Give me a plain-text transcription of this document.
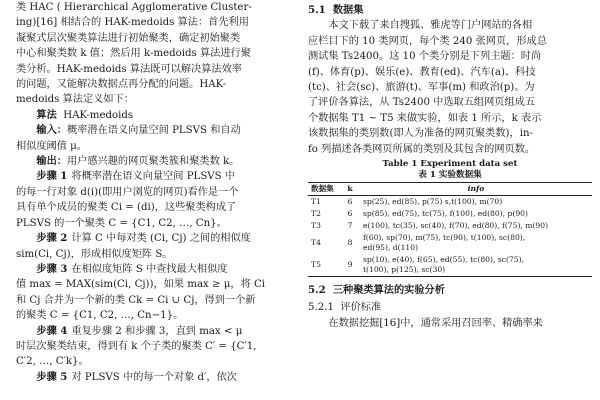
类 HAC ( Hierarchical Agglomerative Cluster-
ing)[16] 相结合的 HAK-medoids 算法：首先利用
凝聚式层次聚类算法进行初始聚类，确定初始聚类
中心和聚类数 k 值；然后用 k-medoids 算法进行聚
类分析。HAK-medoids 算法既可以解决算法效率
的问题，又能解决数据点再分配的问题。HAK-
medoids 算法定义如下：

算法 HAK-medoids

输入：概率潜在语义向量空间 PLSVS 和自动
相似度阈值 μ。

输出：用户感兴趣的网页聚类簇和聚类数 k。

步骤 1 将概率潜在语义向量空间 PLSVS 中

的每一行对象 d(i)(即用户浏览的网页)看作是一个
具有单个成员的聚类 Ci = (di)，这些聚类构成了
PLSVS 的一个聚类 C = {C1, C2, …, Cn}。

步骤 2 计算 C 中每对类 (Ci, Cj) 之间的相似度

sim(Ci, Cj)，形成相似度矩阵 S。

步骤 3 在相似度矩阵 S 中查找最大相似度

值 max = MAX(sim(Ci, Cj))，如果 max ≥ μ，将 Ci
和 Cj 合并为一个新的类 Ck = Ci ∪ Cj，得到一个新
的聚类 C = {C1, C2, …, Cn−1}。

步骤 4 重复步骤 2 和步骤 3，直到 max < μ

时层次聚类结束，得到有 k 个子类的聚类 C′ = {C′1,
C′2, …, C′k}。

步骤 5 对 PLSVS 中的每一个对象 d′，依次

5.1 数据集

本文下载了来自搜狐、雅虎等门户网站的各相
应栏目下的 10 类网页，每个类 240 张网页，形成总
测试集 Ts2400。这 10 个类分别是下列主题：时尚
(f)、体育(p)、娱乐(e)、教育(ed)、汽车(a)、科技
(tc)、社会(sc)、旅游(t)、军事(m) 和政治(p)。为
了评价各算法，从 Ts2400 中选取五组网页组成五
个数据集 T1 ~ T5 来做实验，如表 1 所示，k 表示
该数据集的类别数(即人为准备的网页聚类数)，in-
fo 列描述各类网页所属的类别及其包含的网页数。

Table 1 Experiment data set
表 1 实验数据集
数据集	k	info
T1	6	sp(25), ed(85), p(75) s,t(100), m(70)

T2	6	sp(85), ed(75), tc(75), f(100), ed(80), p(90)

T3	7	e(100), tc(35), sc(40), f(70), ed(80), f(75), m(90)

T4	8	f(60), sp(70), m(75), tc(90), t(100), sc(80),
ed(95), d(110)

T5	9	sp(10), e(40), f(65), ed(55), tc(80), sc(75),
t(100), p(125), sc(30)

5.2 三种聚类算法的实验分析

5.2.1 评价标准

在数据挖掘[16]中，通常采用召回率、精确率来
